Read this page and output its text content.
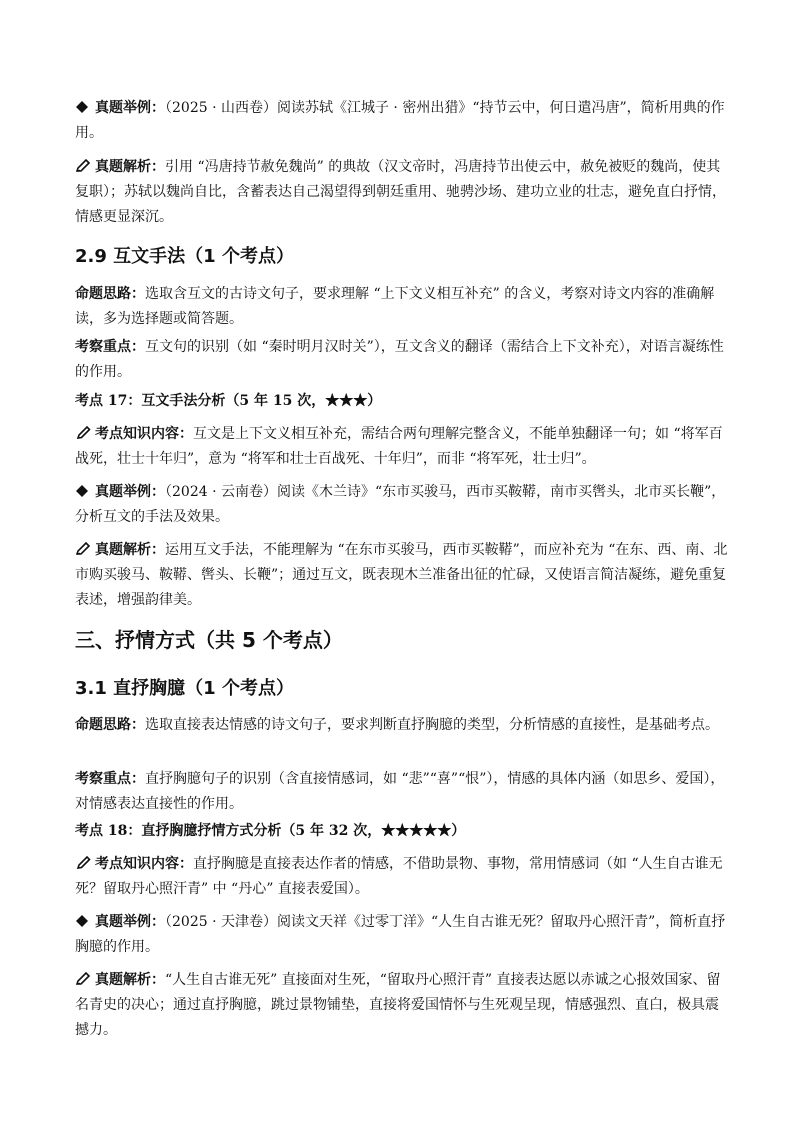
真题举例：（2025 · 山西卷）阅读苏轼《江城子 · 密州出猎》“持节云中，何日遣冯唐”，简析用典的作用。

真题解析：引用 “冯唐持节赦免魏尚” 的典故（汉文帝时，冯唐持节出使云中，赦免被贬的魏尚，使其复职）；苏轼以魏尚自比，含蓄表达自己渴望得到朝廷重用、驰骋沙场、建功立业的壮志，避免直白抒情，情感更显深沉。

2.9 互文手法（1 个考点）

命题思路：选取含互文的古诗文句子，要求理解 “上下文义相互补充” 的含义，考察对诗文内容的准确解读，多为选择题或简答题。

考察重点：互文句的识别（如 “秦时明月汉时关”），互文含义的翻译（需结合上下文补充），对语言凝练性的作用。

考点 17：互文手法分析（5 年 15 次，★★★）

考点知识内容：互文是上下文义相互补充，需结合两句理解完整含义，不能单独翻译一句；如 “将军百战死，壮士十年归”，意为 “将军和壮士百战死、十年归”，而非 “将军死，壮士归”。

真题举例：（2024 · 云南卷）阅读《木兰诗》“东市买骏马，西市买鞍鞯，南市买辔头，北市买长鞭”，分析互文的手法及效果。

真题解析：运用互文手法，不能理解为 “在东市买骏马，西市买鞍鞯”，而应补充为 “在东、西、南、北市购买骏马、鞍鞯、辔头、长鞭”；通过互文，既表现木兰准备出征的忙碌，又使语言简洁凝练，避免重复表述，增强韵律美。

三、抒情方式（共 5 个考点）
3.1 直抒胸臆（1 个考点）

命题思路：选取直接表达情感的诗文句子，要求判断直抒胸臆的类型，分析情感的直接性，是基础考点。

考察重点：直抒胸臆句子的识别（含直接情感词，如 “悲”“喜”“恨”），情感的具体内涵（如思乡、爱国），对情感表达直接性的作用。

考点 18：直抒胸臆抒情方式分析（5 年 32 次，★★★★★）

考点知识内容：直抒胸臆是直接表达作者的情感，不借助景物、事物，常用情感词（如 “人生自古谁无死？留取丹心照汗青” 中 “丹心” 直接表爱国）。

真题举例：（2025 · 天津卷）阅读文天祥《过零丁洋》“人生自古谁无死？留取丹心照汗青”，简析直抒胸臆的作用。

真题解析：“人生自古谁无死” 直接面对生死，“留取丹心照汗青” 直接表达愿以赤诚之心报效国家、留名青史的决心；通过直抒胸臆，跳过景物铺垫，直接将爱国情怀与生死观呈现，情感强烈、直白，极具震撼力。
